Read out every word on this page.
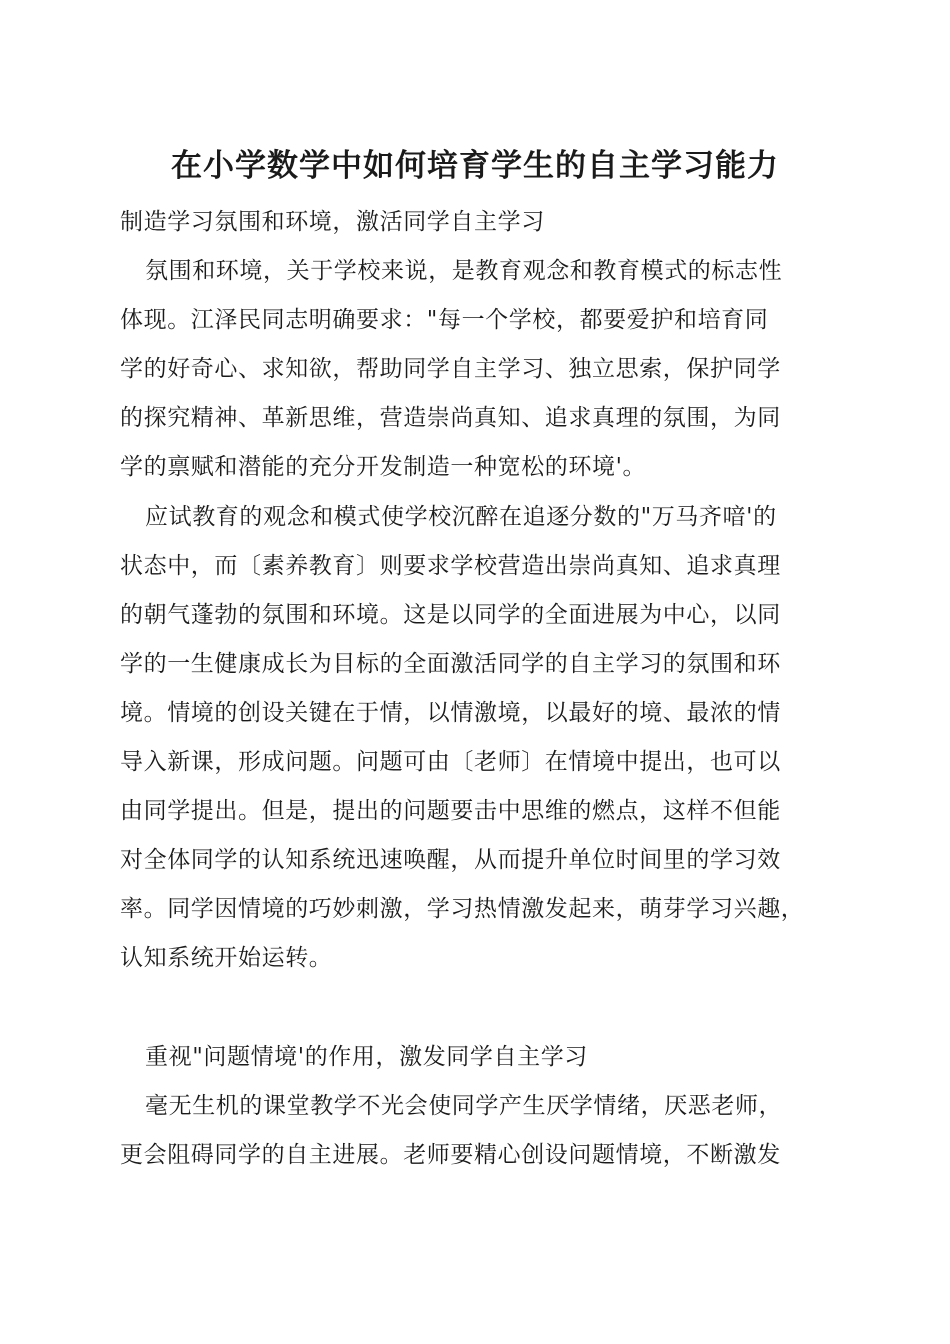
在小学数学中如何培育学生的自主学习能力
制造学习氛围和环境，激活同学自主学习
氛围和环境，关于学校来说，是教育观念和教育模式的标志性
体现。江泽民同志明确要求："每一个学校，都要爱护和培育同
学的好奇心、求知欲，帮助同学自主学习、独立思索，保护同学
的探究精神、革新思维，营造崇尚真知、追求真理的氛围，为同
学的禀赋和潜能的充分开发制造一种宽松的环境'。
应试教育的观念和模式使学校沉醉在追逐分数的"万马齐喑'的
状态中，而〔素养教育〕则要求学校营造出崇尚真知、追求真理
的朝气蓬勃的氛围和环境。这是以同学的全面进展为中心，以同
学的一生健康成长为目标的全面激活同学的自主学习的氛围和环
境。情境的创设关键在于情，以情激境，以最好的境、最浓的情
导入新课，形成问题。问题可由〔老师〕在情境中提出，也可以
由同学提出。但是，提出的问题要击中思维的燃点，这样不但能
对全体同学的认知系统迅速唤醒，从而提升单位时间里的学习效
率。同学因情境的巧妙刺激，学习热情激发起来，萌芽学习兴趣，
认知系统开始运转。
重视"问题情境'的作用，激发同学自主学习
毫无生机的课堂教学不光会使同学产生厌学情绪，厌恶老师，
更会阻碍同学的自主进展。老师要精心创设问题情境，不断激发
